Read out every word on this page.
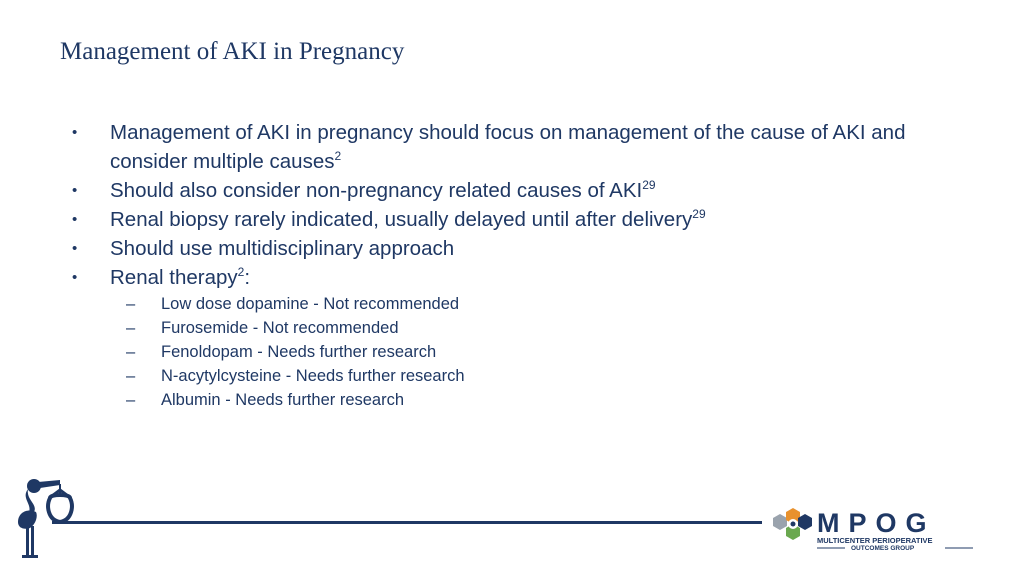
Management of AKI in Pregnancy
• Management of AKI in pregnancy should focus on management of the cause of AKI and consider multiple causes$^2$
• Should also consider non-pregnancy related causes of AKI$^{29}$
• Renal biopsy rarely indicated, usually delayed until after delivery$^{29}$
• Should use multidisciplinary approach
• Renal therapy$^2$:
– Low dose dopamine - Not recommended
– Furosemide - Not recommended
– Fenoldopam - Needs further research
– N-acytylcysteine - Needs further research
– Albumin - Needs further research
MPOG
MULTICENTER PERIOPERATIVE
OUTCOMES GROUP
